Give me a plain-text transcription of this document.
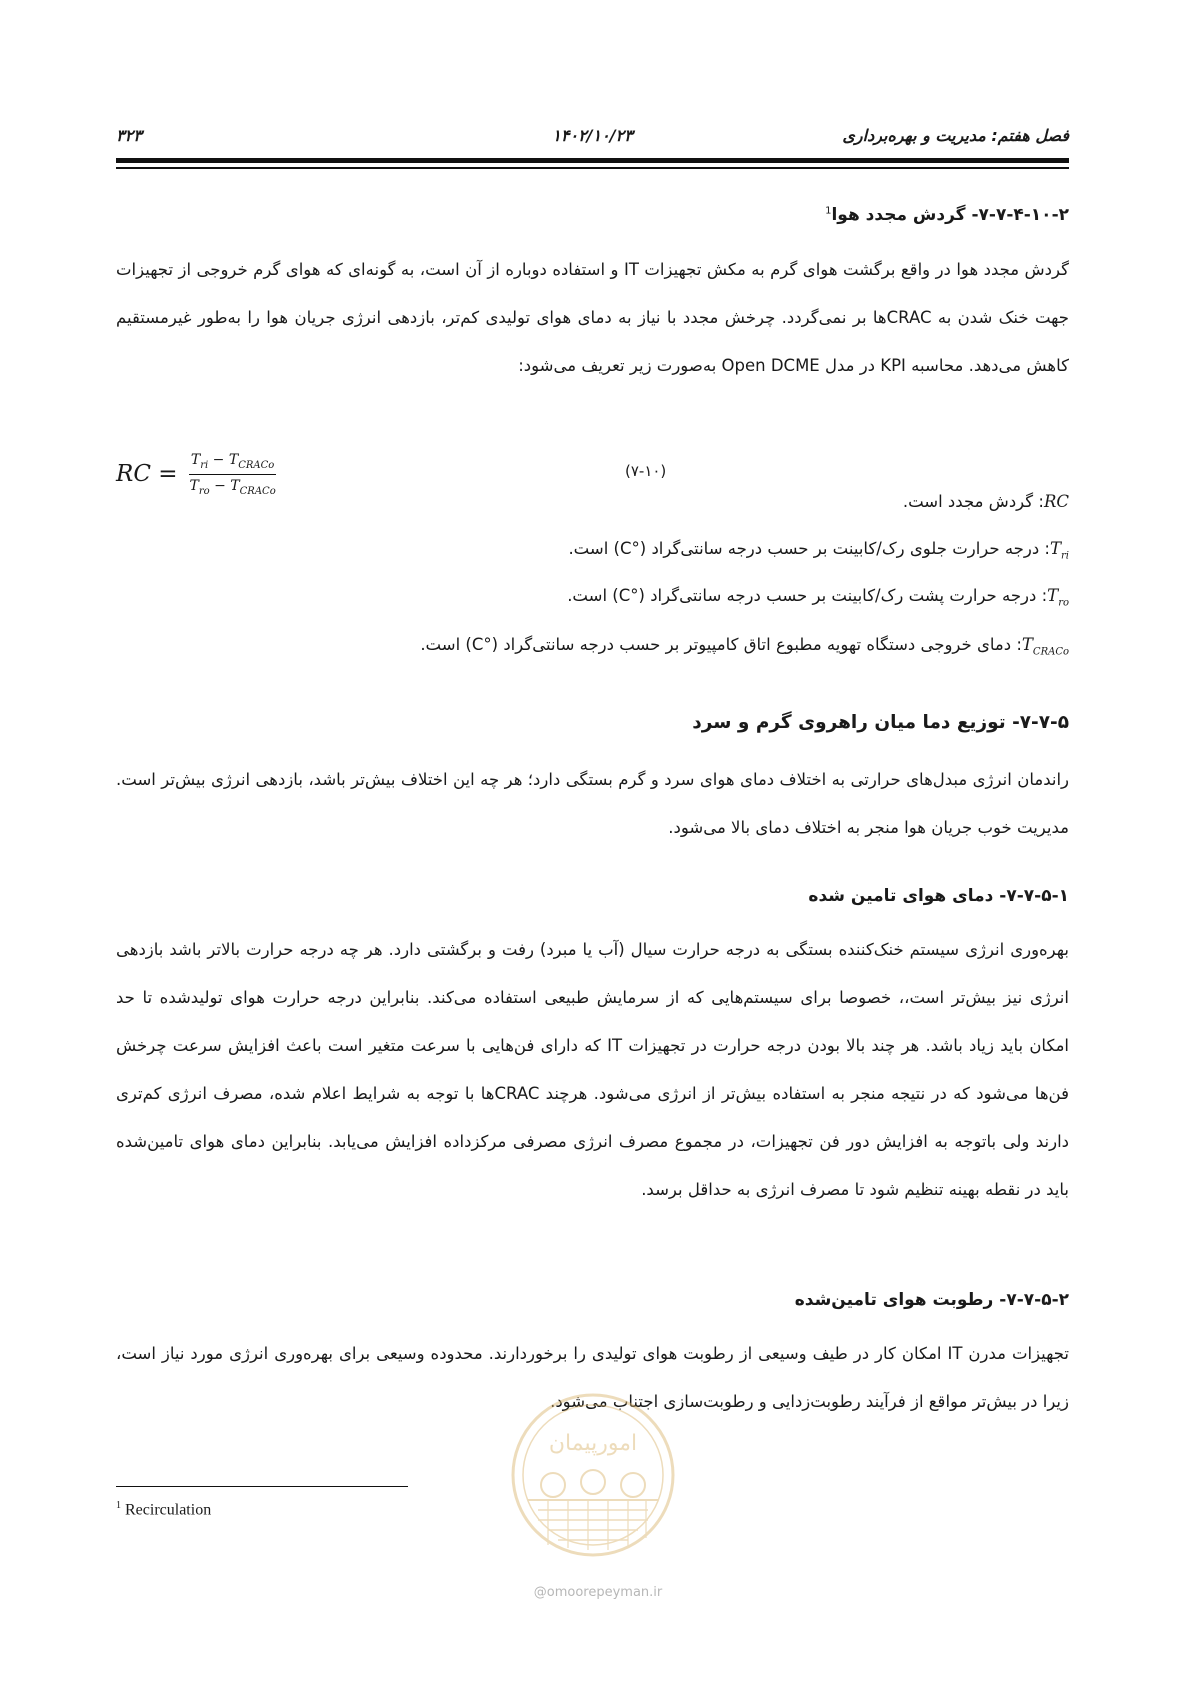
فصل هفتم: مدیریت و بهره‌برداری
۱۴۰۲/۱۰/۲۳
۳۲۳
۷-۷-۴-۱۰-۲- گردش مجدد هوا$^1$
گردش مجدد هوا در واقع برگشت هوای گرم به مکش تجهیزات IT و استفاده دوباره از آن است، به گونه‌ای که هوای گرم خروجی از تجهیزات جهت خنک شدن به CRACها بر نمی‌گردد. چرخش مجدد با نیاز به دمای هوای تولیدی کم‌تر، بازدهی انرژی جریان هوا را به‌طور غیرمستقیم کاهش می‌دهد. محاسبه KPI در مدل Open DCME به‌صورت زیر تعریف می‌شود:
RC = $\frac{T_{ri} - T_{CRACo}}{T_{ro} - T_{CRACo}}$	(۷-۱۰)
RC: گردش مجدد است.
$T_{ri}$: درجه حرارت جلوی رک/کابینت بر حسب درجه سانتی‌گراد (°C) است.
$T_{ro}$: درجه حرارت پشت رک/کابینت بر حسب درجه سانتی‌گراد (°C) است.
$T_{CRACo}$: دمای خروجی دستگاه تهویه مطبوع اتاق کامپیوتر بر حسب درجه سانتی‌گراد (°C) است.
۷-۷-۵- توزیع دما میان راهروی گرم و سرد
راندمان انرژی مبدل‌های حرارتی به اختلاف دمای هوای سرد و گرم بستگی دارد؛ هر چه این اختلاف بیش‌تر باشد، بازدهی انرژی بیش‌تر است. مدیریت خوب جریان هوا منجر به اختلاف دمای بالا می‌شود.
۷-۷-۵-۱- دمای هوای تامین شده
بهره‌وری انرژی سیستم خنک‌کننده بستگی به درجه حرارت سیال (آب یا مبرد) رفت و برگشتی دارد. هر چه درجه حرارت بالاتر باشد بازدهی انرژی نیز بیش‌تر است،، خصوصا برای سیستم‌هایی که از سرمایش طبیعی استفاده می‌کند. بنابراین درجه حرارت هوای تولیدشده تا حد امکان باید زیاد باشد. هر چند بالا بودن درجه حرارت در تجهیزات IT که دارای فن‌هایی با سرعت متغیر است باعث افزایش سرعت چرخش فن‌ها می‌شود که در نتیجه منجر به استفاده بیش‌تر از انرژی می‌شود. هرچند CRACها با توجه به شرایط اعلام شده، مصرف انرژی کم‌تری دارند ولی باتوجه به افزایش دور فن تجهیزات، در مجموع مصرف انرژی مصرفی مرکزداده افزایش می‌یابد. بنابراین دمای هوای تامین‌شده باید در نقطه بهینه تنظیم شود تا مصرف انرژی به حداقل برسد.
۷-۷-۵-۲- رطوبت هوای تامین‌شده
تجهیزات مدرن IT امکان کار در طیف وسیعی از رطوبت هوای تولیدی را برخوردارند. محدوده وسیعی برای بهره‌وری انرژی مورد نیاز است، زیرا در بیش‌تر مواقع از فرآیند رطوبت‌زدایی و رطوبت‌سازی اجتناب می‌شود.
امورپیمان
@omoorepeyman.ir
$^1$ Recirculation
